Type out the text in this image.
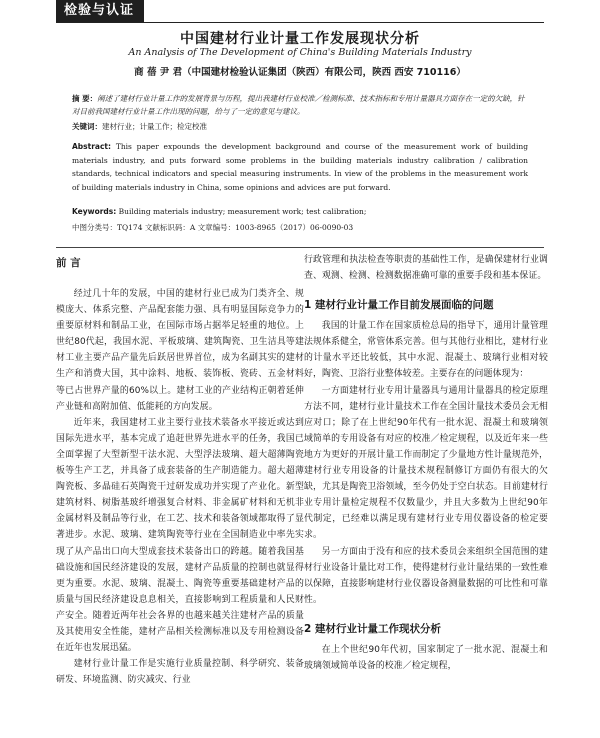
检验与认证
中国建材行业计量工作发展现状分析
An Analysis of The Development of China's Building Materials Industry
商 蓓 尹 君（中国建材检验认证集团（陕西）有限公司，陕西 西安 710116）
摘 要：阐述了建材行业计量工作的发展背景与历程，提出我建材行业校准／检测标准、技术指标和专用计量器具方面存在一定的欠缺，针对目前我国建材行业计量工作出现的问题，给与了一定的意见与建议。
关键词：建材行业；计量工作；检定校准
Abstract: This paper expounds the development background and course of the measurement work of building materials industry, and puts forward some problems in the building materials industry calibration / calibration standards, technical indicators and special measuring instruments. In view of the problems in the measurement work of building materials industry in China, some opinions and advices are put forward.
Keywords: Building materials industry; measurement work; test calibration;
中图分类号：TQ174 文献标识码：A 文章编号：1003-8965（2017）06-0090-03
前 言

经过几十年的发展，中国的建材行业已成为门类齐全、规模庞大、体系完整、产品配套能力强、具有明显国际竞争力的重要原材料和制品工业，在国际市场占据举足轻重的地位。上世纪80代起，我国水泥、平板玻璃、建筑陶瓷、卫生洁具等建材工业主要产品产量先后跃居世界首位，成为名副其实的建材生产和消费大国，其中涂料、地板、装饰板、瓷砖、五金材料等已占世界产量的60%以上。建材工业的产业结构正朝着延伸产业链和高附加值、低能耗的方向发展。

近年来，我国建材工业主要行业技术装备水平接近或达到国际先进水平，基本完成了追赶世界先进水平的任务，我国已全面掌握了大型新型干法水泥、大型浮法玻璃、超大超薄陶瓷板等生产工艺，并具备了成套装备的生产制造能力。超大超薄陶瓷板、多晶硅石英陶瓷干过研发成功并实现了产业化。新型建筑材料、树脂基玻纤增强复合材料、非金属矿材料和无机非金属材料及制品等行业，在工艺、技术和装备领域都取得了显著进步。水泥、玻璃、建筑陶瓷等行业在全国制造业中率先实现了从产品出口向大型成套技术装备出口的跨越。随着我国基础设施和国民经济建设的发展，建材产品质量的控制也就显得更为重要。水泥、玻璃、混凝土、陶瓷等重要基础建材产品的质量与国民经济建设息息相关，直接影响到工程质量和人民财产安全。随着近两年社会各界的也越来越关注建材产品的质量及其使用安全性能，建材产品相关检测标准以及专用检测设备在近年也发展迅猛。

建材行业计量工作是实施行业质量控制、科学研究、装备研发、环境监测、防灾减灾、行业

行政管理和执法检查等职责的基础性工作，是确保建材行业调查、观测、检测、检测数据准确可靠的重要手段和基本保证。

1 建材行业计量工作目前发展面临的问题

我国的计量工作在国家质检总局的指导下，通用计量管理法规体系健全，常管体系完善。但与其他行业相比，建材行业的计量水平还比较低，其中水泥、混凝土、玻璃行业相对较好，陶瓷、卫浴行业整体较差。主要存在的问题体现为：

一方面建材行业专用计量器具与通用计量器具的检定原理方法不同，建材行业计量技术工作在全国计量技术委员会无相应对口；除了在上世纪90年代有一批水泥、混凝土和玻璃领域简单的专用设备有对应的校准／检定规程，以及近年来一些地方为更好的开展计量工作而制定了少量地方性计量规范外，建材行业专用设备的计量技术规程制修订方面仍有很大的欠缺，尤其是陶瓷卫浴领域，至今仍处于空白状态。目前建材行业专用计量检定规程不仅数量少，并且大多数为上世纪90年代制定，已经难以满足现有建材行业专用仪器设备的检定要求。

另一方面由于没有和应的技术委员会来组织全国范围的建材行业设备计量比对工作，使得建材行业计量结果的一致性难以保障，直接影响建材行业仪器设备测量数据的可比性和可靠性。

2 建材行业计量工作现状分析

在上个世纪90年代初，国家制定了一批水泥、混凝土和玻璃领域简单设备的校准／检定规程，
